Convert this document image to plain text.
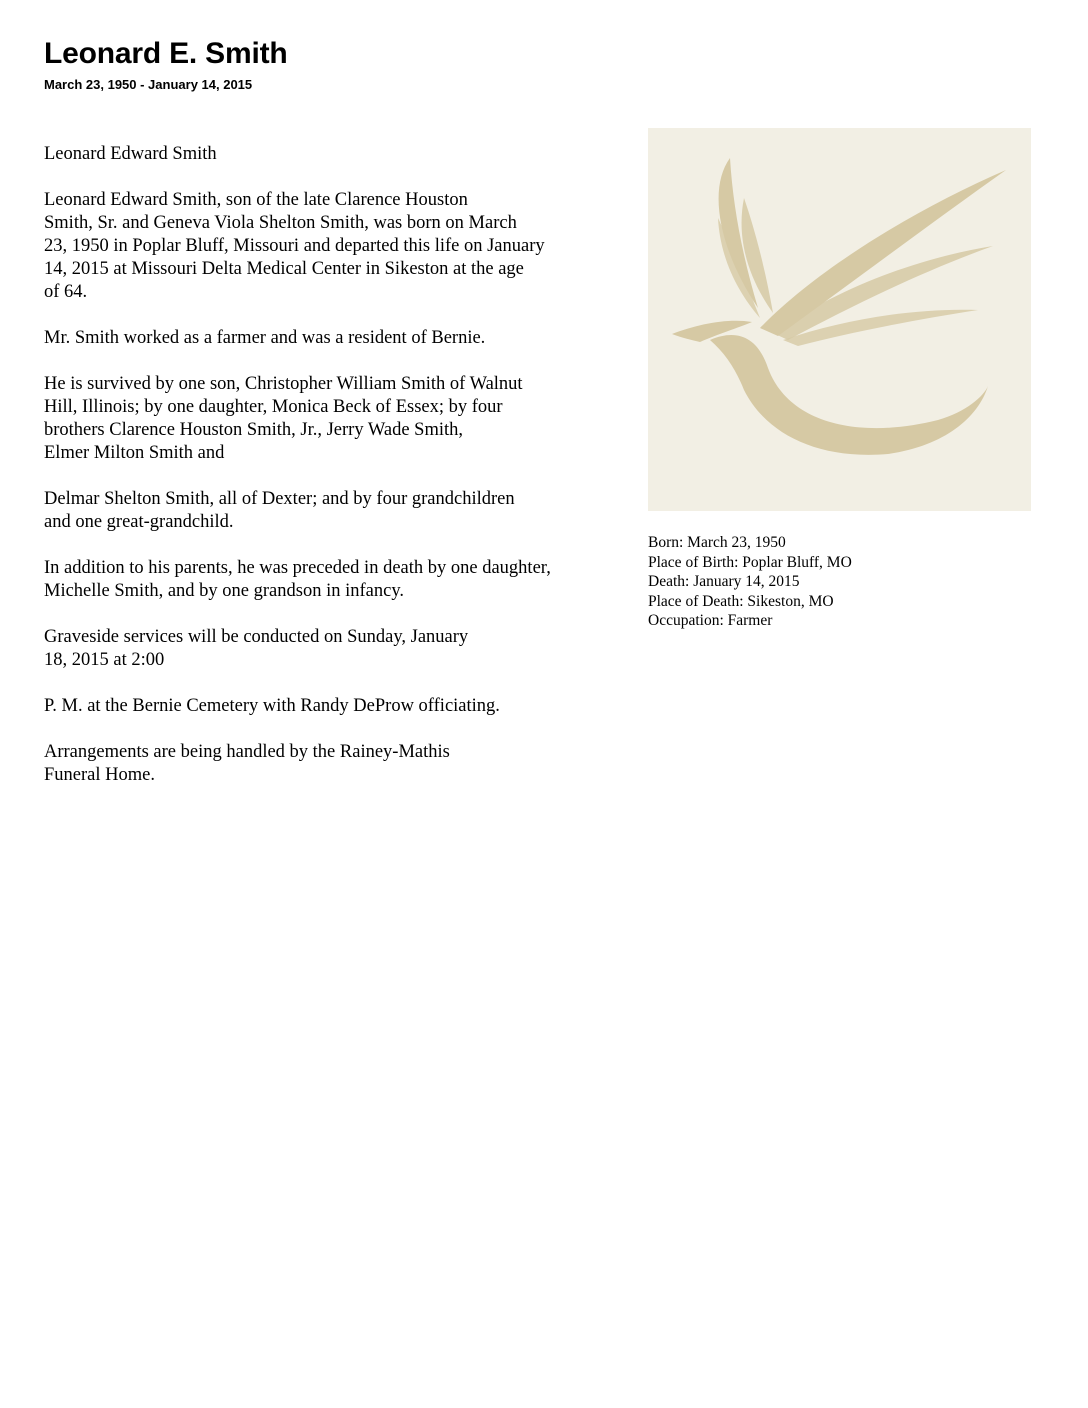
Leonard E. Smith
March 23, 1950 - January 14, 2015

Leonard Edward Smith

Leonard Edward Smith, son of the late Clarence Houston
Smith, Sr. and Geneva Viola Shelton Smith, was born on March
23, 1950 in Poplar Bluff, Missouri and departed this life on January
14, 2015 at Missouri Delta Medical Center in Sikeston at the age
of 64.

Mr. Smith worked as a farmer and was a resident of Bernie.

He is survived by one son, Christopher William Smith of Walnut
Hill, Illinois; by one daughter, Monica Beck of Essex; by four
brothers Clarence Houston Smith, Jr., Jerry Wade Smith,
Elmer Milton Smith and

Delmar Shelton Smith, all of Dexter; and by four grandchildren
and one great-grandchild.

In addition to his parents, he was preceded in death by one daughter,
Michelle Smith, and by one grandson in infancy.

Graveside services will be conducted on Sunday, January
18, 2015 at 2:00

P. M. at the Bernie Cemetery with Randy DeProw officiating.

Arrangements are being handled by the Rainey-Mathis
Funeral Home.

Born: March 23, 1950
Place of Birth: Poplar Bluff, MO
Death: January 14, 2015
Place of Death: Sikeston, MO
Occupation: Farmer
